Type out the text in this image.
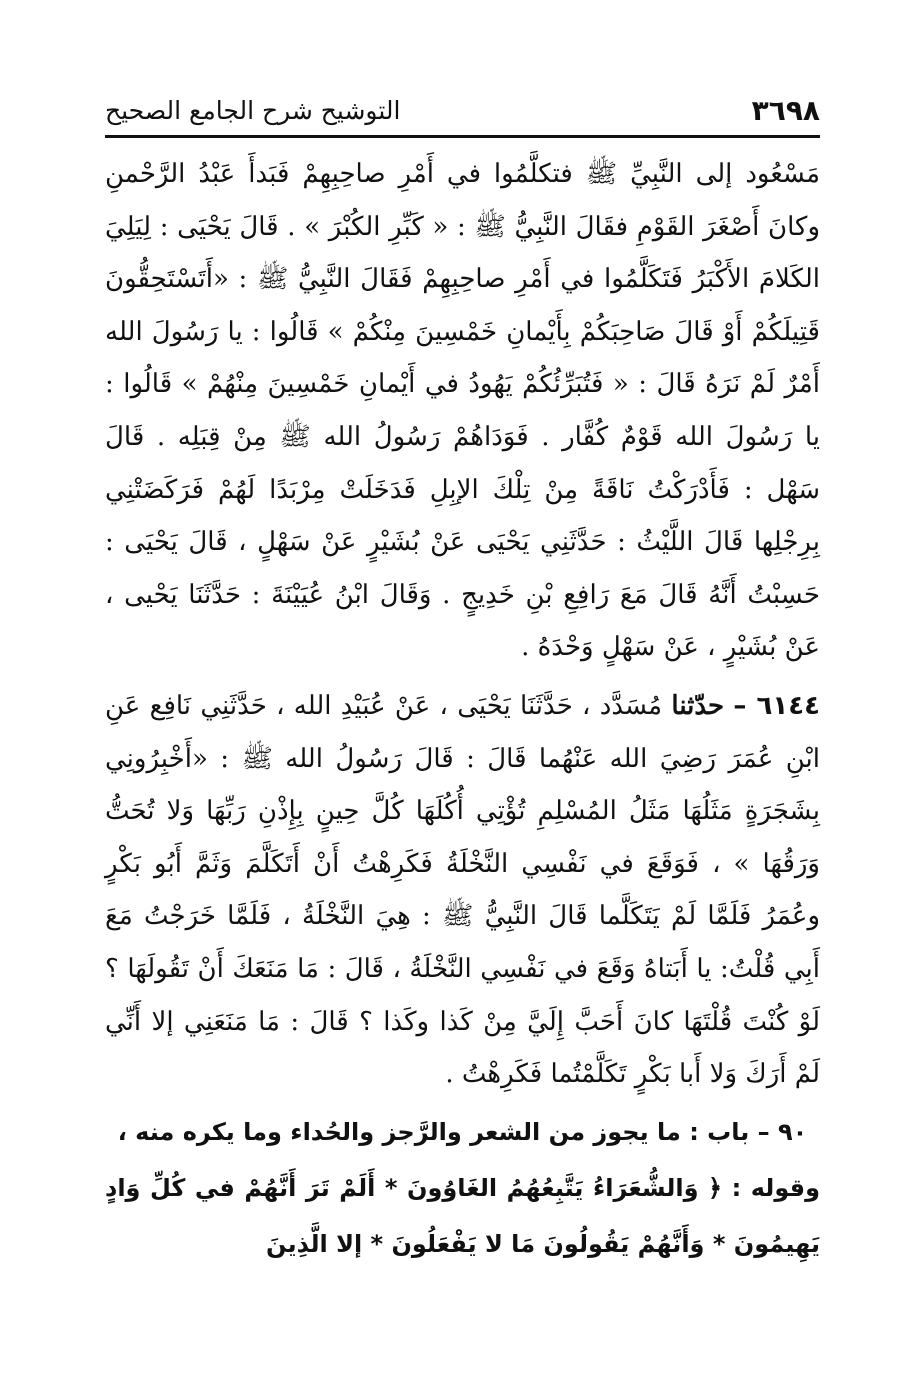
٣٦٩٨
التوشيح شرح الجامع الصحيح

مَسْعُود إلى النَّبِيِّ ﷺ فتكلَّمُوا في أَمْرِ صاحِبِهِمْ فَبَدأَ عَبْدُ الرَّحْمنِ وكانَ أَصْغَرَ القَوْمِ فقَالَ النَّبِيُّ ﷺ : « كَبِّرِ الكُبْرَ » . قَالَ يَحْيَى : لِيَلِيَ الكَلامَ الأَكْبَرُ فَتَكَلَّمُوا في أَمْرِ صاحِبِهِمْ فَقَالَ النَّبِيُّ ﷺ : «أَتَسْتَحِقُّونَ قَتِيلَكُمْ أَوْ قَالَ صَاحِبَكُمْ بِأَيْمانِ خَمْسِينَ مِنْكُمْ » قَالُوا : يا رَسُولَ الله أَمْرٌ لَمْ نَرَهُ قَالَ : « فَتُبَرِّئُكُمْ يَهُودُ في أَيْمانِ خَمْسِينَ مِنْهُمْ » قَالُوا : يا رَسُولَ الله قَوْمٌ كُفَّار . فَوَدَاهُمْ رَسُولُ الله ﷺ مِنْ قِبَلِه . قَالَ سَهْل : فَأَدْرَكْتُ نَاقَةً مِنْ تِلْكَ الإبِلِ فَدَخَلَتْ مِرْبَدًا لَهُمْ فَرَكَضَتْنِي بِرِجْلِها قَالَ اللَّيْثُ : حَدَّثَنِي يَحْيَى عَنْ بُشَيْرٍ عَنْ سَهْلٍ ، قَالَ يَحْيَى : حَسِبْتُ أَنَّهُ قَالَ مَعَ رَافِعِ بْنِ خَدِيجٍ . وَقَالَ ابْنُ عُيَيْنَةَ : حَدَّثَنَا يَحْيى ، عَنْ بُشَيْرٍ ، عَنْ سَهْلٍ وَحْدَهُ .

٦١٤٤ – حدّثنا مُسَدَّد ، حَدَّثَنَا يَحْيَى ، عَنْ عُبَيْدِ الله ، حَدَّثَنِي نَافِع عَنِ ابْنِ عُمَرَ رَضِيَ الله عَنْهُما قَالَ : قَالَ رَسُولُ الله ﷺ : «أَخْبِرُونِي بِشَجَرَةٍ مَثَلُهَا مَثَلُ المُسْلِمِ تُؤْتِي أُكُلَهَا كُلَّ حِينٍ بِإِذْنِ رَبِّهَا وَلا تُحَتُّ وَرَقُهَا » ، فَوَقَعَ في نَفْسِي النَّخْلَةُ فَكَرِهْتُ أَنْ أَتَكَلَّمَ وَثَمَّ أَبُو بَكْرٍ وعُمَرُ فَلَمَّا لَمْ يَتَكَلَّما قَالَ النَّبِيُّ ﷺ : هِيَ النَّخْلَةُ ، فَلَمَّا خَرَجْتُ مَعَ أَبِي قُلْتُ: يا أَبَتاهُ وَقَعَ في نَفْسِي النَّخْلَةُ ، قَالَ : مَا مَنَعَكَ أَنْ تَقُولَهَا ؟ لَوْ كُنْتَ قُلْتَهَا كانَ أَحَبَّ إِلَيَّ مِنْ كَذا وكَذا ؟ قَالَ : مَا مَنَعَنِي إلا أَنِّي لَمْ أَرَكَ وَلا أَبا بَكْرٍ تَكَلَّمْتُما فَكَرِهْتُ .

٩٠ – باب : ما يجوز من الشعر والرَّجز والحُداء وما يكره منه ،
وقوله : ﴿ وَالشُّعَرَاءُ يَتَّبِعُهُمُ الغَاوُونَ * أَلَمْ تَرَ أَنَّهُمْ في كُلِّ وَادٍ يَهِيمُونَ * وَأَنَّهُمْ يَقُولُونَ مَا لا يَفْعَلُونَ * إلا الَّذِينَ
